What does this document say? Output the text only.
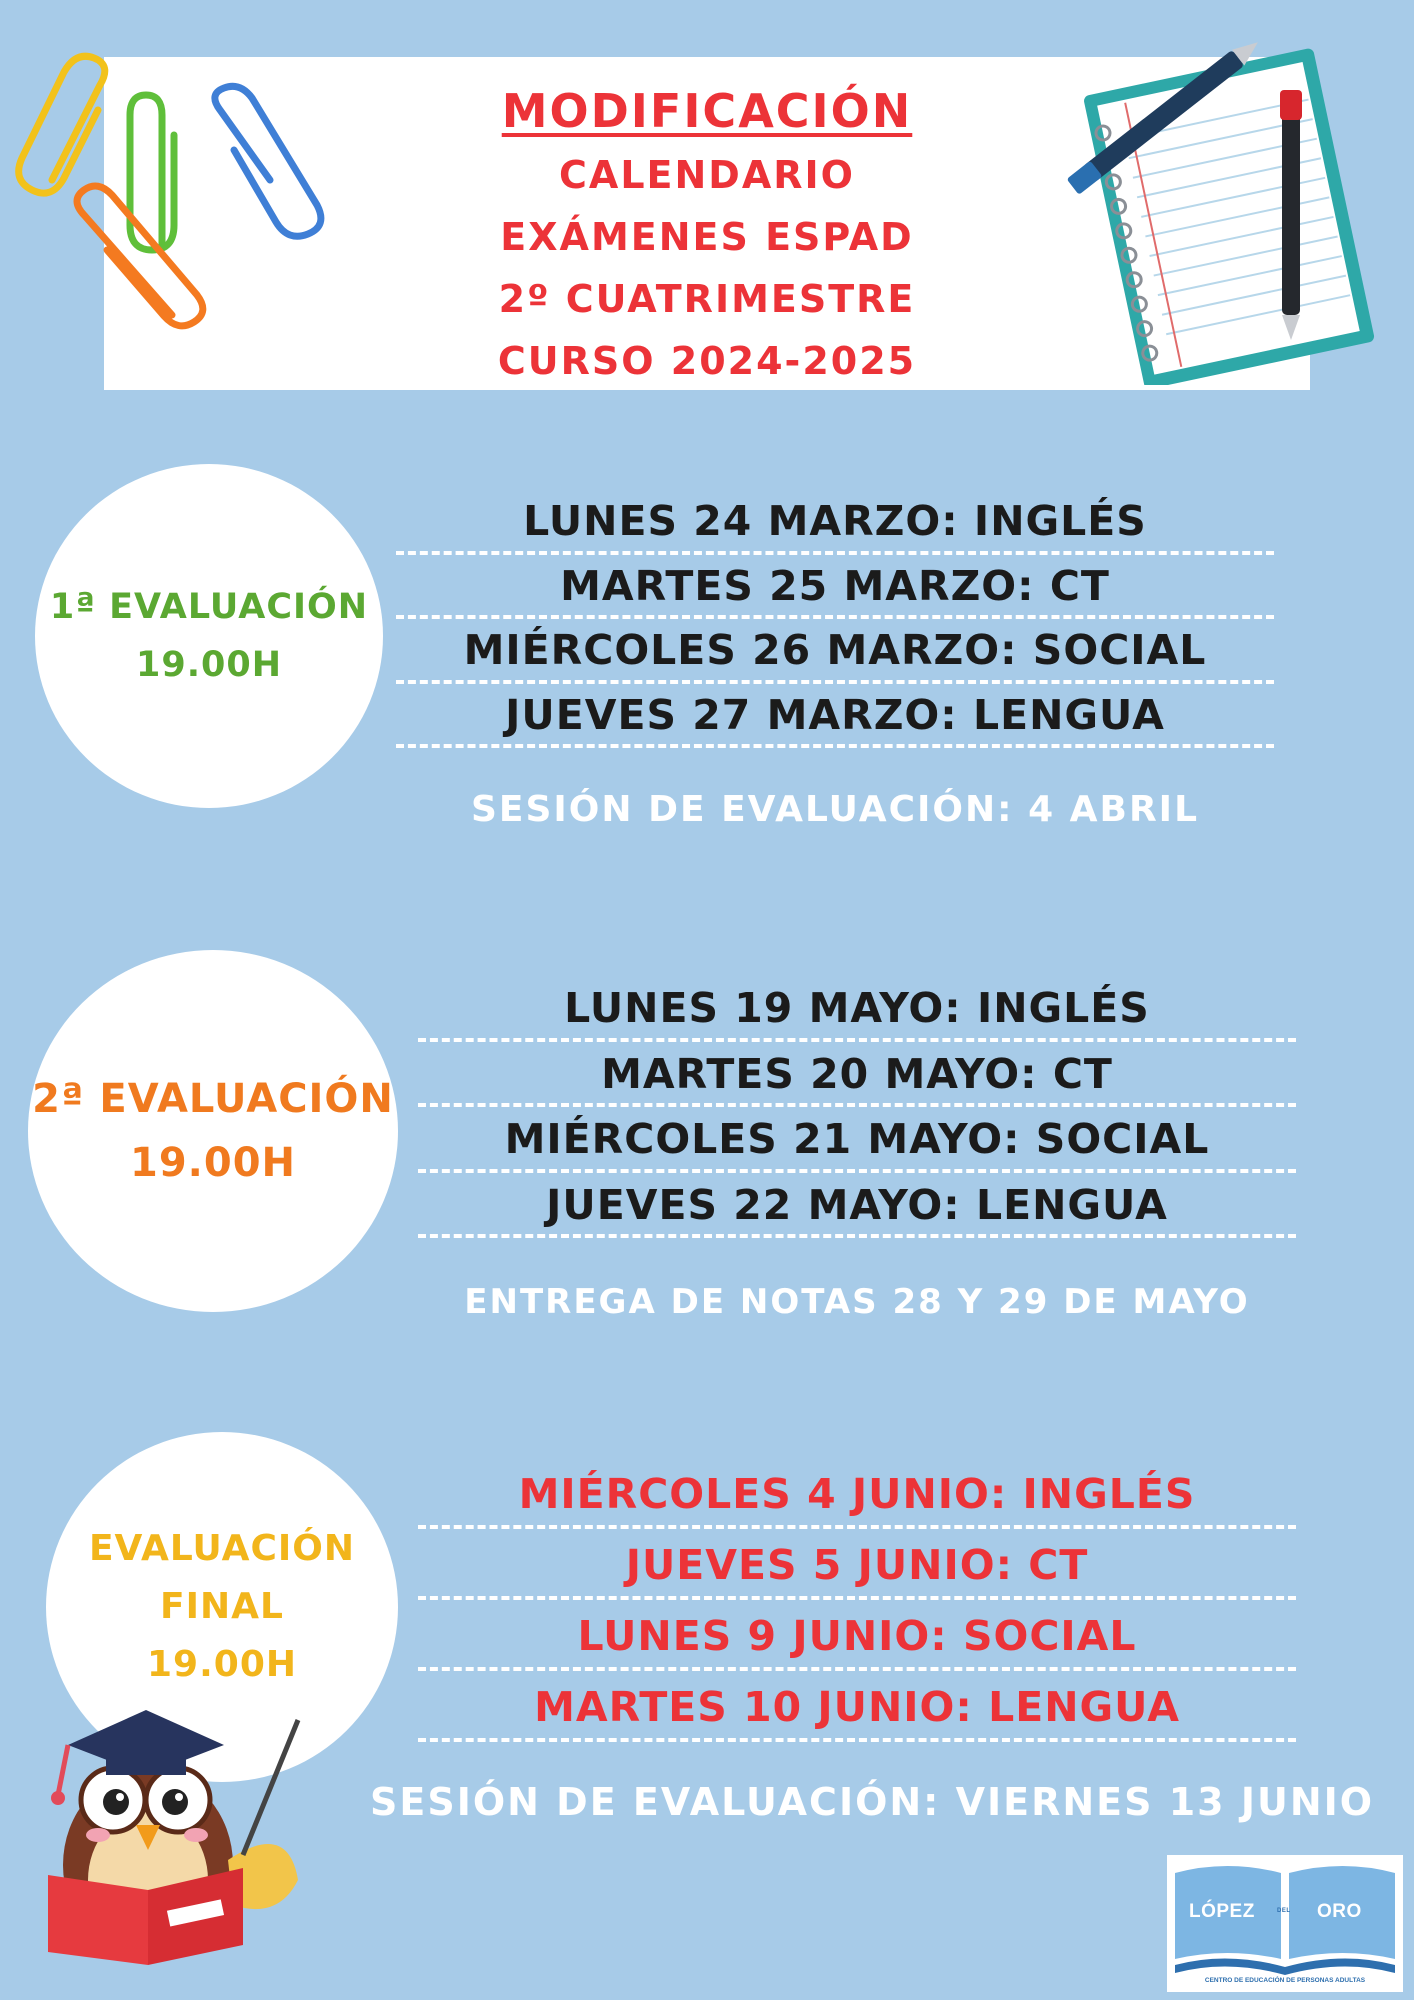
MODIFICACIÓN
CALENDARIO
EXÁMENES ESPAD
2º CUATRIMESTRE
CURSO 2024-2025
1ª EVALUACIÓN
19.00H
LUNES 24 MARZO: INGLÉS
MARTES 25 MARZO: CT
MIÉRCOLES 26 MARZO: SOCIAL
JUEVES 27 MARZO: LENGUA
SESIÓN DE EVALUACIÓN: 4 ABRIL
2ª EVALUACIÓN
19.00H
LUNES 19 MAYO: INGLÉS
MARTES 20 MAYO: CT
MIÉRCOLES 21 MAYO: SOCIAL
JUEVES 22 MAYO: LENGUA
ENTREGA DE NOTAS 28 Y 29 DE MAYO
EVALUACIÓN
FINAL
19.00H
MIÉRCOLES 4 JUNIO: INGLÉS
JUEVES 5 JUNIO: CT
LUNES 9 JUNIO: SOCIAL
MARTES 10 JUNIO: LENGUA
SESIÓN DE EVALUACIÓN: VIERNES 13 JUNIO
LÓPEZ	DEL ORO
CENTRO DE EDUCACIÓN DE PERSONAS ADULTAS
